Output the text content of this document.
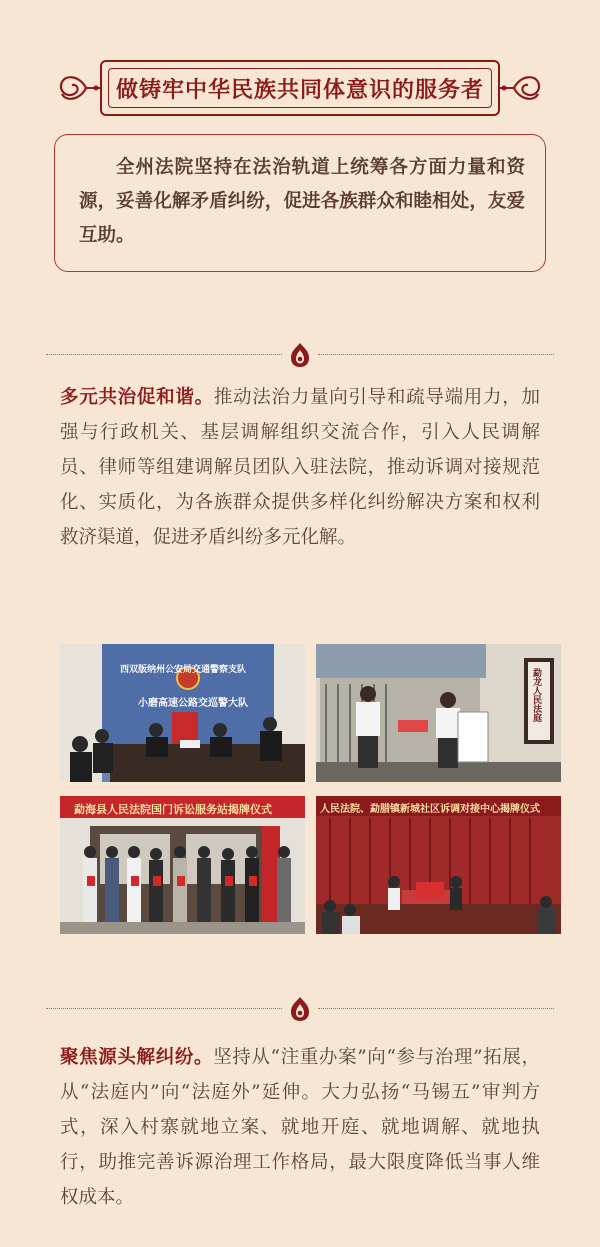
做铸牢中华民族共同体意识的服务者

全州法院坚持在法治轨道上统筹各方面力量和资源，妥善化解矛盾纠纷，促进各族群众和睦相处，友爱互助。

多元共治促和谐。推动法治力量向引导和疏导端用力，加强与行政机关、基层调解组织交流合作，引入人民调解员、律师等组建调解员团队入驻法院，推动诉调对接规范化、实质化，为各族群众提供多样化纠纷解决方案和权利救济渠道，促进矛盾纠纷多元化解。

西双版纳州公安局交通警察支队
小磨高速公路交巡警大队	勐龙人民法庭
勐海县人民法院国门诉讼服务站揭牌仪式	人民法院、勐腊镇新城社区诉调对接中心揭牌仪式

聚焦源头解纠纷。坚持从“注重办案”向“参与治理”拓展，从“法庭内”向“法庭外”延伸。大力弘扬“马锡五”审判方式，深入村寨就地立案、就地开庭、就地调解、就地执行，助推完善诉源治理工作格局，最大限度降低当事人维权成本。
